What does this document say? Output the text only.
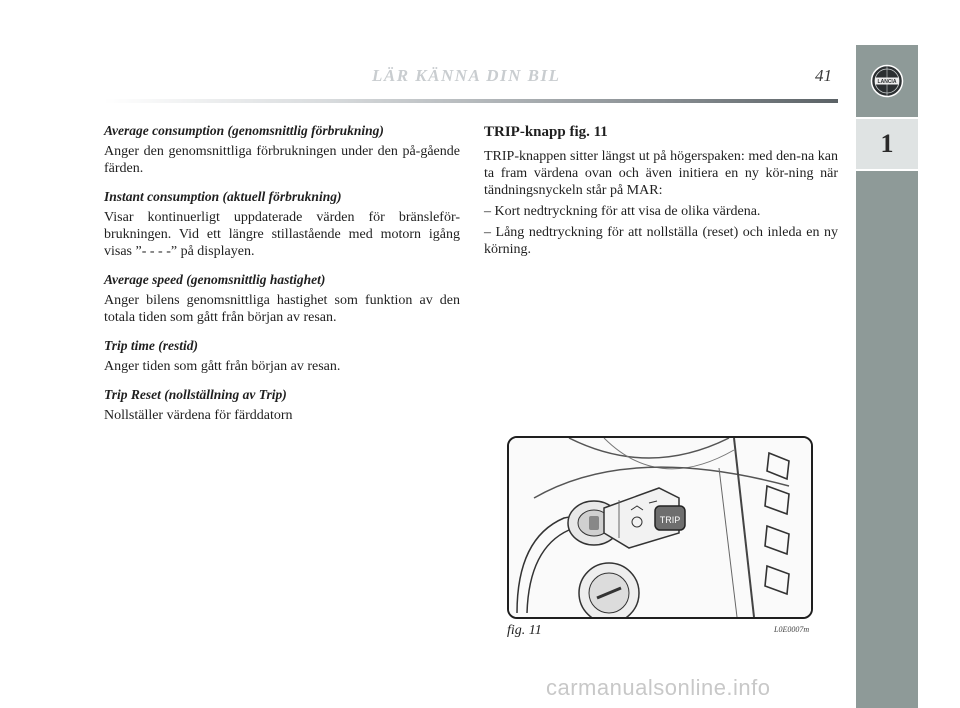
LÄR KÄNNA DIN BIL	41	LANCIA
1
Average consumption (genomsnittlig förbrukning)
Anger den genomsnittliga förbrukningen under den på-gående färden.
Instant consumption (aktuell förbrukning)
Visar kontinuerligt uppdaterade värden för bränsleför-brukningen. Vid ett längre stillastående med motorn igång visas ”- - - -” på displayen.
Average speed (genomsnittlig hastighet)
Anger bilens genomsnittliga hastighet som funktion av den totala tiden som gått från början av resan.
Trip time (restid)
Anger tiden som gått från början av resan.
Trip Reset (nollställning av Trip)
Nollställer värdena för färddatorn
TRIP-knapp fig. 11
TRIP-knappen sitter längst ut på högerspaken: med den-na kan ta fram värdena ovan och även initiera en ny kör-ning när tändningsnyckeln står på MAR:
– Kort nedtryckning för att visa de olika värdena.
– Lång nedtryckning för att nollställa (reset) och inleda en ny körning.
TRIP
fig. 11	L0E0007m
carmanualsonline.info
